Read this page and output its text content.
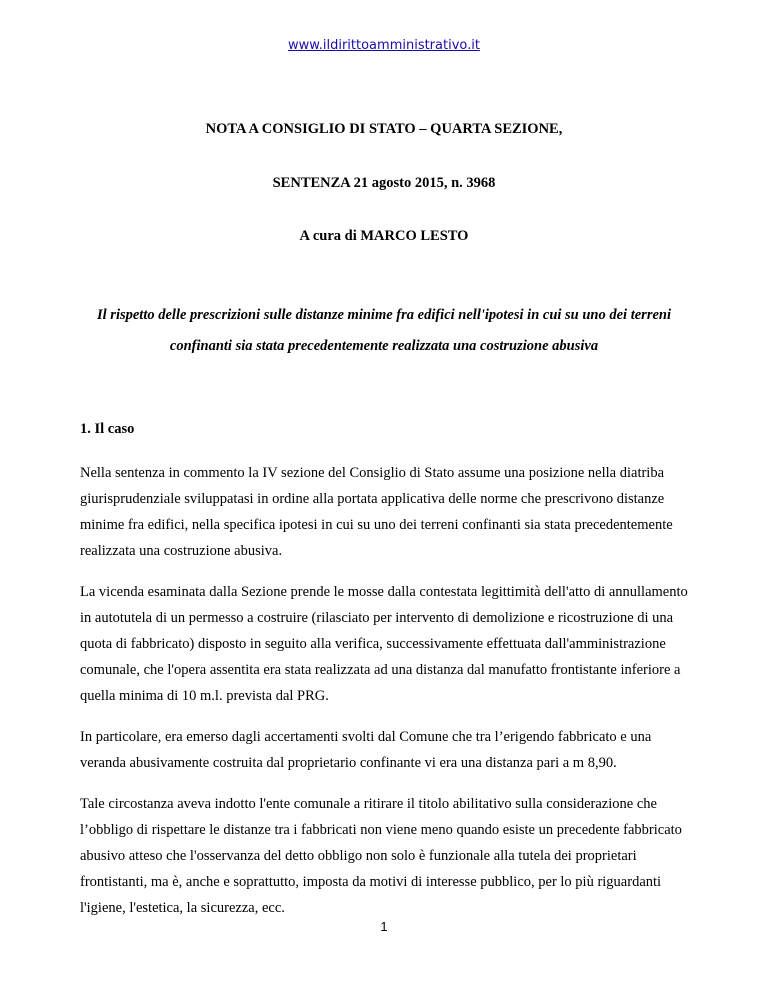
www.ildirittoamministrativo.it
NOTA A CONSIGLIO DI STATO – QUARTA SEZIONE,
SENTENZA 21 agosto 2015, n. 3968
A cura di MARCO LESTO
Il rispetto delle prescrizioni sulle distanze minime fra edifici nell'ipotesi in cui su uno dei terreni confinanti sia stata precedentemente realizzata una costruzione abusiva
1. Il caso

Nella sentenza in commento la IV sezione del Consiglio di Stato assume una posizione nella diatriba giurisprudenziale sviluppatasi in ordine alla portata applicativa delle norme che prescrivono distanze minime fra edifici, nella specifica ipotesi in cui su uno dei terreni confinanti sia stata precedentemente realizzata una costruzione abusiva.

La vicenda esaminata dalla Sezione prende le mosse dalla contestata legittimità dell'atto di annullamento in autotutela di un permesso a costruire (rilasciato per intervento di demolizione e ricostruzione di una quota di fabbricato) disposto in seguito alla verifica, successivamente effettuata dall'amministrazione comunale, che l'opera assentita era stata realizzata ad una distanza dal manufatto frontistante inferiore a quella minima di 10 m.l. prevista dal PRG.

In particolare, era emerso dagli accertamenti svolti dal Comune che tra l’erigendo fabbricato e una veranda abusivamente costruita dal proprietario confinante vi era una distanza pari a m 8,90.

Tale circostanza aveva indotto l'ente comunale a ritirare il titolo abilitativo sulla considerazione che l’obbligo di rispettare le distanze tra i fabbricati non viene meno quando esiste un precedente fabbricato abusivo atteso che l'osservanza del detto obbligo non solo è funzionale alla tutela dei proprietari frontistanti, ma è, anche e soprattutto, imposta da motivi di interesse pubblico, per lo più riguardanti l'igiene, l'estetica, la sicurezza, ecc.

1
